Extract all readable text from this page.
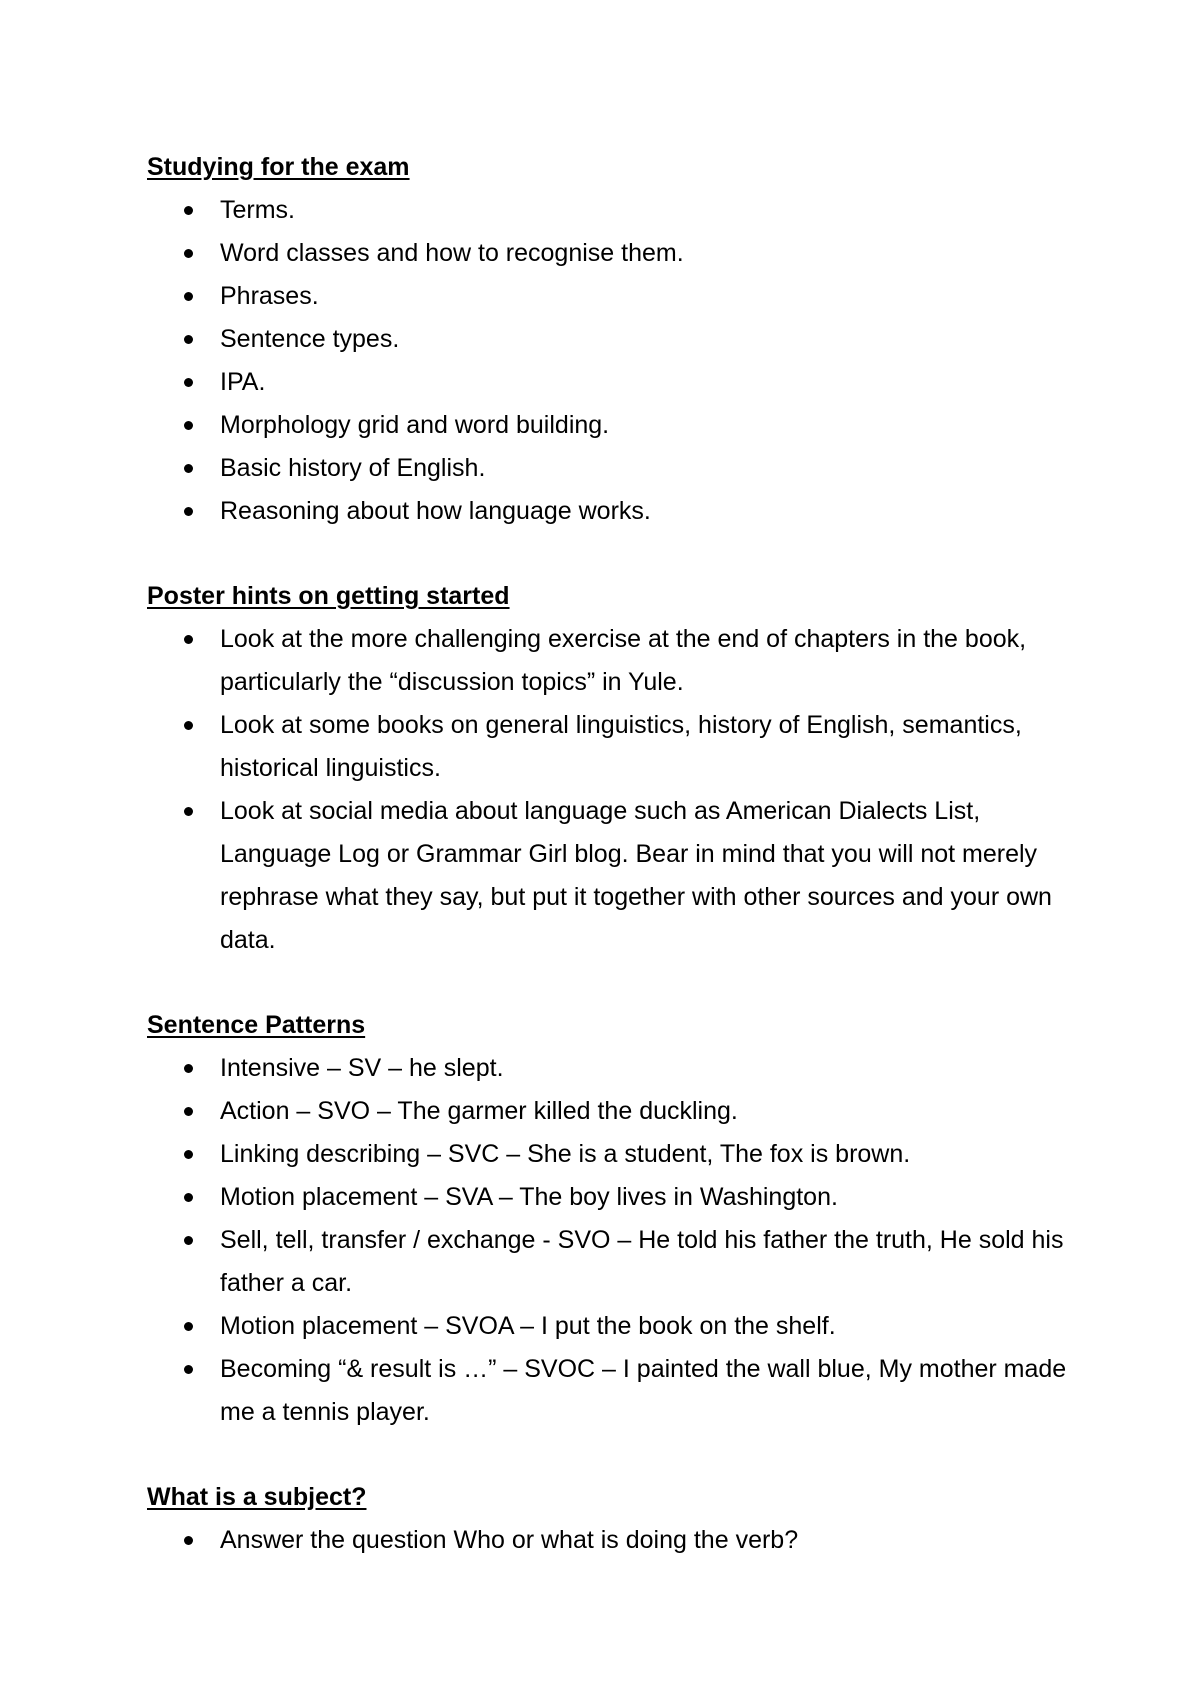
Studying for the exam
Terms.
Word classes and how to recognise them.
Phrases.
Sentence types.
IPA.
Morphology grid and word building.
Basic history of English.
Reasoning about how language works.
Poster hints on getting started
Look at the more challenging exercise at the end of chapters in the book, particularly the “discussion topics” in Yule.
Look at some books on general linguistics, history of English, semantics, historical linguistics.
Look at social media about language such as American Dialects List, Language Log or Grammar Girl blog. Bear in mind that you will not merely rephrase what they say, but put it together with other sources and your own data.
Sentence Patterns
Intensive – SV – he slept.
Action – SVO – The garmer killed the duckling.
Linking describing – SVC – She is a student, The fox is brown.
Motion placement – SVA – The boy lives in Washington.
Sell, tell, transfer / exchange - SVO – He told his father the truth, He sold his father a car.
Motion placement – SVOA – I put the book on the shelf.
Becoming “& result is …” – SVOC – I painted the wall blue, My mother made me a tennis player.
What is a subject?
Answer the question Who or what is doing the verb?
